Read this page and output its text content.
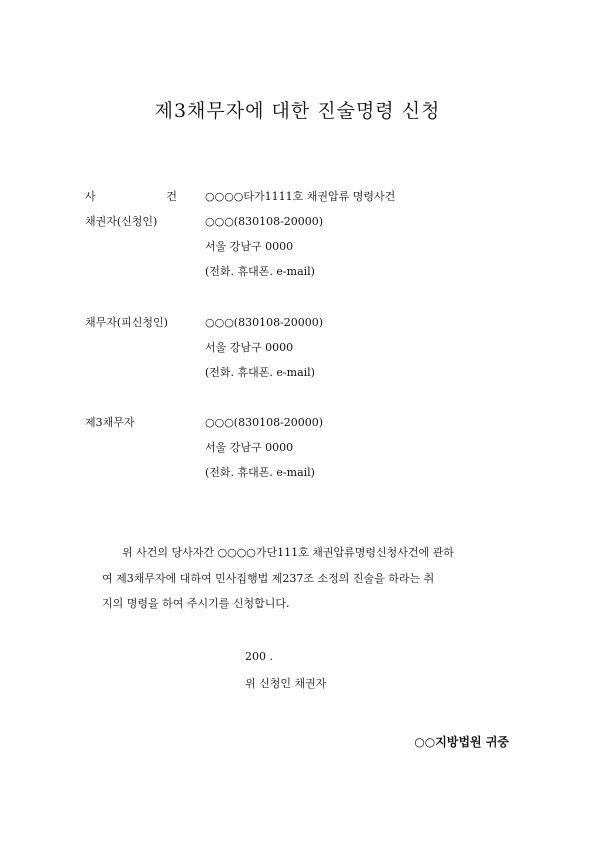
제3채무자에 대한 진술명령 신청
사	건	○○○○타가1111호 채권압류 명령사건
채권자(신청인)	○○○(830108-20000)
서울 강남구 0000
(전화. 휴대폰. e-mail)
채무자(피신청인)	○○○(830108-20000)
서울 강남구 0000
(전화. 휴대폰. e-mail)
제3채무자	○○○(830108-20000)
서울 강남구 0000
(전화. 휴대폰. e-mail)
위 사건의 당사자간 ○○○○가단111호 채권압류명령신청사건에 관하
여 제3채무자에 대하여 민사집행법 제237조 소정의 진술을 하라는 취
지의 명령을 하여 주시기를 신청합니다.
200 .
위 신청인 채권자
○○지방법원 귀중
